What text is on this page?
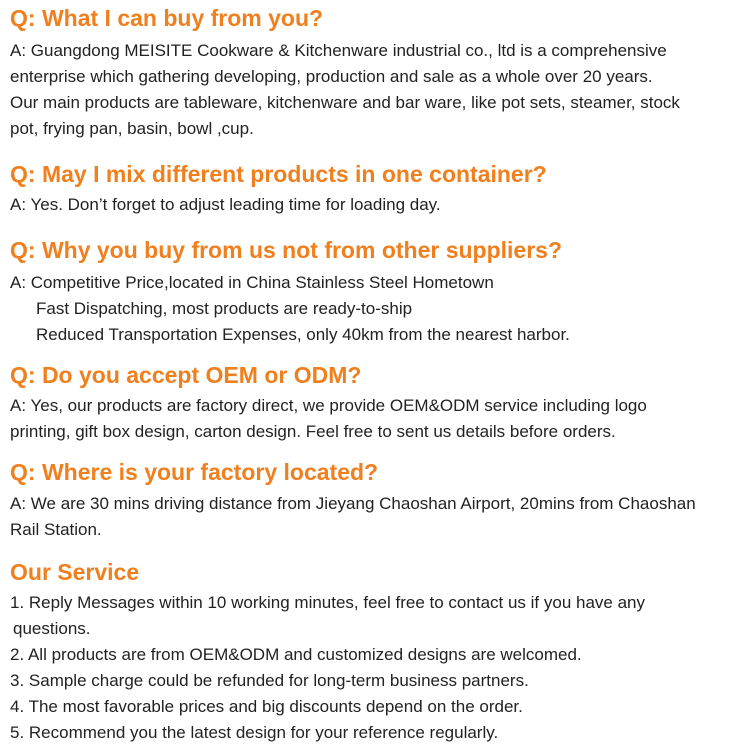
Q: What I can buy from you?
A: Guangdong MEISITE Cookware & Kitchenware industrial co., ltd is a comprehensive
enterprise which gathering developing, production and sale as a whole over 20 years.
Our main products are tableware, kitchenware and bar ware, like pot sets, steamer, stock
pot, frying pan, basin, bowl ,cup.
Q: May I mix different products in one container?
A: Yes. Don’t forget to adjust leading time for loading day.
Q: Why you buy from us not from other suppliers?
A: Competitive Price,located in China Stainless Steel Hometown
Fast Dispatching, most products are ready-to-ship
Reduced Transportation Expenses, only 40km from the nearest harbor.
Q: Do you accept OEM or ODM?
A: Yes, our products are factory direct, we provide OEM&ODM service including logo
printing, gift box design, carton design. Feel free to sent us details before orders.
Q: Where is your factory located?
A: We are 30 mins driving distance from Jieyang Chaoshan Airport, 20mins from Chaoshan
Rail Station.
Our Service
1. Reply Messages within 10 working minutes, feel free to contact us if you have any
questions.
2. All products are from OEM&ODM and customized designs are welcomed.
3. Sample charge could be refunded for long-term business partners.
4. The most favorable prices and big discounts depend on the order.
5. Recommend you the latest design for your reference regularly.
